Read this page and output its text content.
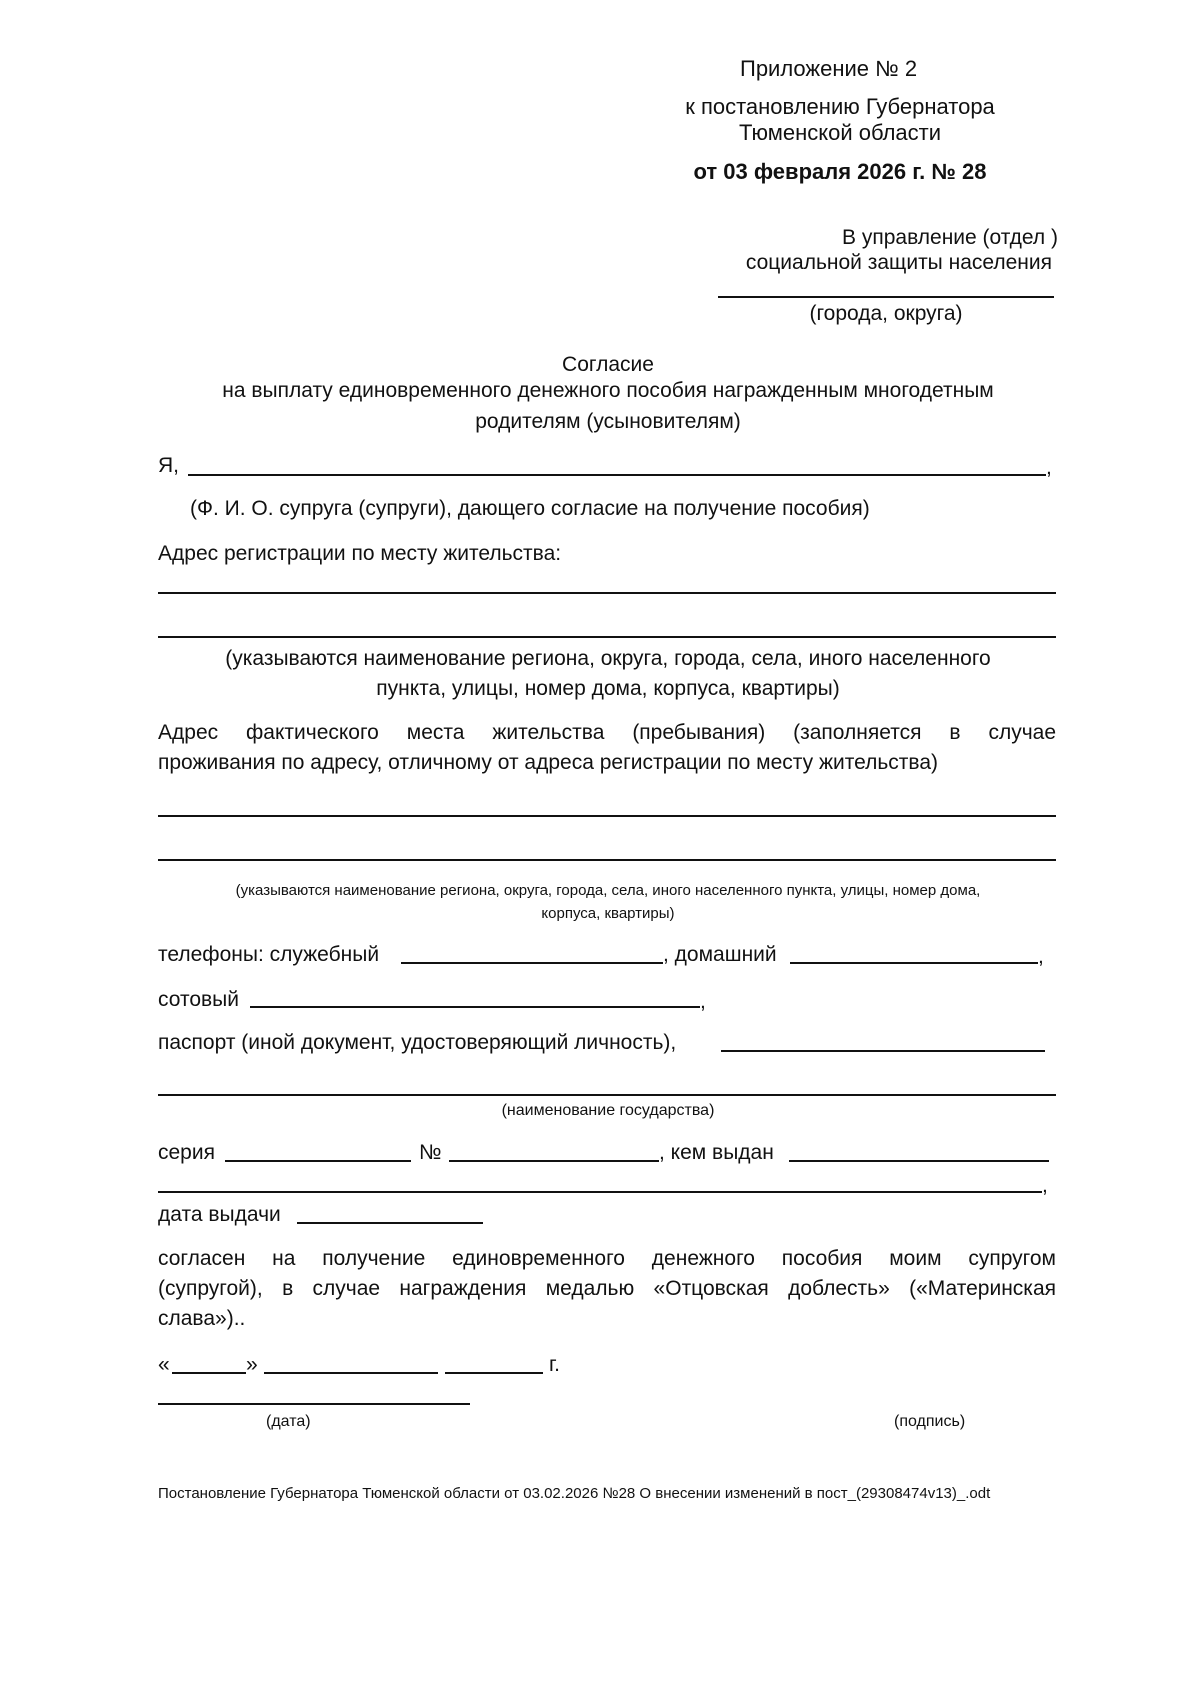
Приложение № 2
к постановлению Губернатора
Тюменской области
от 03 февраля 2026 г. № 28
В управление (отдел )
социальной защиты населения
(города, округа)
Согласие
на выплату единовременного денежного пособия награжденным многодетным
родителям (усыновителям)
Я,	,
(Ф. И. О. супруга (супруги), дающего согласие на получение пособия)
Адрес регистрации по месту жительства:
(указываются наименование региона, округа, города, села, иного населенного
пункта, улицы, номер дома, корпуса, квартиры)
Адрес фактического места жительства (пребывания) (заполняется в случае
проживания по адресу, отличному от адреса регистрации по месту жительства)
(указываются наименование региона, округа, города, села, иного населенного пункта, улицы, номер дома,
корпуса, квартиры)
телефоны: служебный	, домашний	,
сотовый	,
паспорт (иной документ, удостоверяющий личность),
(наименование государства)
серия	№	, кем выдан
,
дата выдачи
согласен на получение единовременного денежного пособия моим супругом
(супругой), в случае награждения медалью «Отцовская доблесть» («Материнская
слава»)..
«	»	г.
(дата)	(подпись)
Постановление Губернатора Тюменской области от 03.02.2026 №28 О внесении изменений в пост_(29308474v13)_.odt
